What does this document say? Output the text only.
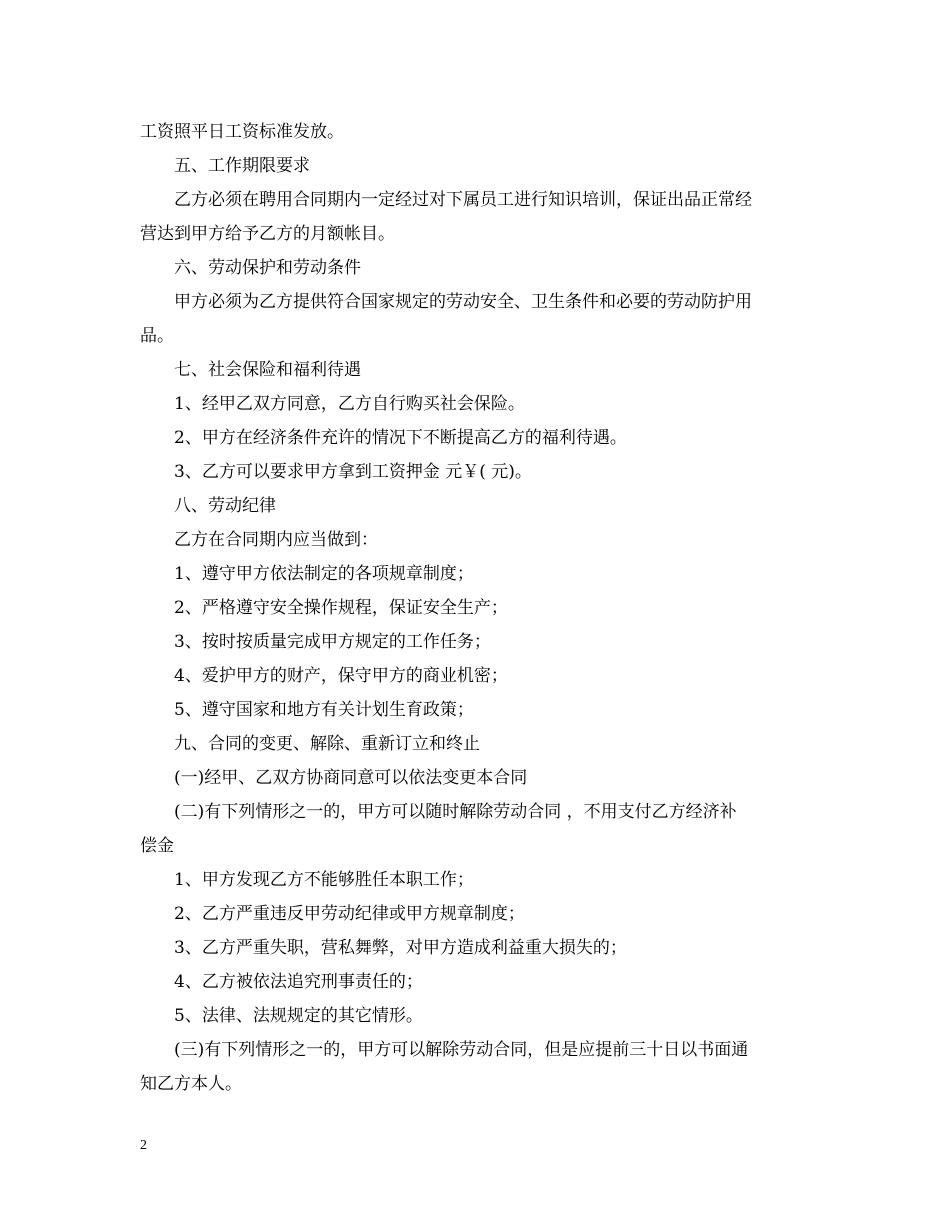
工资照平日工资标准发放。
五、工作期限要求
乙方必须在聘用合同期内一定经过对下属员工进行知识培训，保证出品正常经
营达到甲方给予乙方的月额帐目。
六、劳动保护和劳动条件
甲方必须为乙方提供符合国家规定的劳动安全、卫生条件和必要的劳动防护用
品。
七、社会保险和福利待遇
1、经甲乙双方同意，乙方自行购买社会保险。
2、甲方在经济条件充许的情况下不断提高乙方的福利待遇。
3、乙方可以要求甲方拿到工资押金 元￥( 元)。
八、劳动纪律
乙方在合同期内应当做到：
1、遵守甲方依法制定的各项规章制度；
2、严格遵守安全操作规程，保证安全生产；
3、按时按质量完成甲方规定的工作任务；
4、爱护甲方的财产，保守甲方的商业机密；
5、遵守国家和地方有关计划生育政策；
九、合同的变更、解除、重新订立和终止
(一)经甲、乙双方协商同意可以依法变更本合同
(二)有下列情形之一的，甲方可以随时解除劳动合同 ，不用支付乙方经济补
偿金
1、甲方发现乙方不能够胜任本职工作；
2、乙方严重违反甲劳动纪律或甲方规章制度；
3、乙方严重失职，营私舞弊，对甲方造成利益重大损失的；
4、乙方被依法追究刑事责任的；
5、法律、法规规定的其它情形。
(三)有下列情形之一的，甲方可以解除劳动合同，但是应提前三十日以书面通
知乙方本人。
2
